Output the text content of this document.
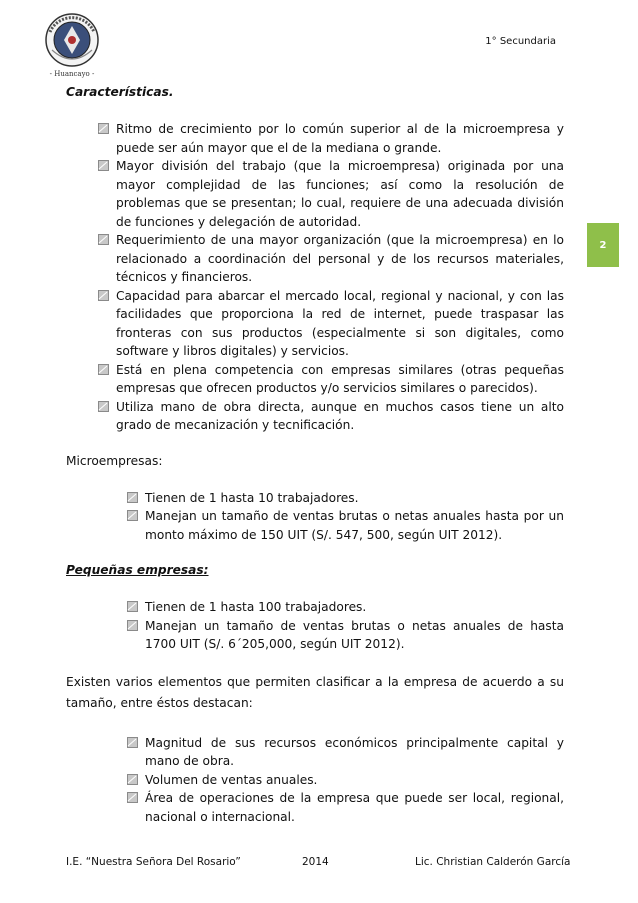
- Huancayo -
1° Secundaria
2

Características.

Ritmo de crecimiento por lo común superior al de la microempresa y puede ser aún mayor que el de la mediana o grande.
Mayor división del trabajo (que la microempresa) originada por una mayor complejidad de las funciones; así como la resolución de problemas que se presentan; lo cual, requiere de una adecuada división de funciones y delegación de autoridad.
Requerimiento de una mayor organización (que la microempresa) en lo relacionado a coordinación del personal y de los recursos materiales, técnicos y financieros.
Capacidad para abarcar el mercado local, regional y nacional, y con las facilidades que proporciona la red de internet, puede traspasar las fronteras con sus productos (especialmente si son digitales, como software y libros digitales) y servicios.
Está en plena competencia con empresas similares (otras pequeñas empresas que ofrecen productos y/o servicios similares o parecidos).
Utiliza mano de obra directa, aunque en muchos casos tiene un alto grado de mecanización y tecnificación.

Microempresas:

Tienen de 1 hasta 10 trabajadores.
Manejan un tamaño de ventas brutas o netas anuales hasta por un monto máximo de 150 UIT (S/. 547, 500, según UIT 2012).

Pequeñas empresas:

Tienen de 1 hasta 100 trabajadores.
Manejan un tamaño de ventas brutas o netas anuales de hasta 1700 UIT (S/. 6´205,000, según UIT 2012).

Existen varios elementos que permiten clasificar a la empresa de acuerdo a su tamaño, entre éstos destacan:

Magnitud de sus recursos económicos principalmente capital y mano de obra.
Volumen de ventas anuales.
Área de operaciones de la empresa que puede ser local, regional, nacional o internacional.
I.E. “Nuestra Señora Del Rosario”	2014	Lic. Christian Calderón García
